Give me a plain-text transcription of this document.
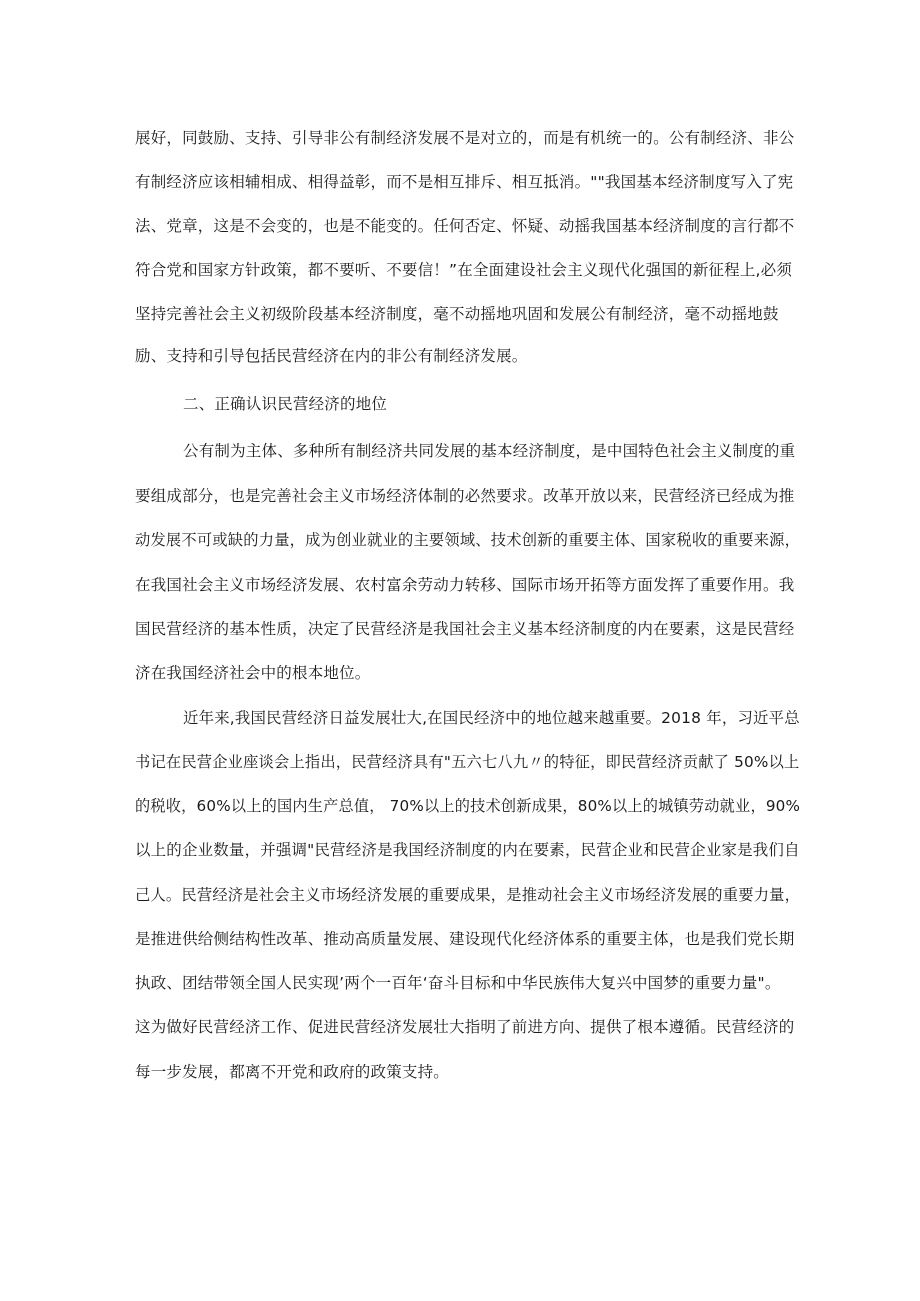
展好，同鼓励、支持、引导非公有制经济发展不是对立的，而是有机统一的。公有制经济、非公
有制经济应该相辅相成、相得益彰，而不是相互排斥、相互抵消。""我国基本经济制度写入了宪
法、党章，这是不会变的，也是不能变的。任何否定、怀疑、动摇我国基本经济制度的言行都不
符合党和国家方针政策，都不要听、不要信！”在全面建设社会主义现代化强国的新征程上,必须
坚持完善社会主义初级阶段基本经济制度，毫不动摇地巩固和发展公有制经济，毫不动摇地鼓
励、支持和引导包括民营经济在内的非公有制经济发展。
二、正确认识民营经济的地位
公有制为主体、多种所有制经济共同发展的基本经济制度，是中国特色社会主义制度的重
要组成部分，也是完善社会主义市场经济体制的必然要求。改革开放以来，民营经济已经成为推
动发展不可或缺的力量，成为创业就业的主要领域、技术创新的重要主体、国家税收的重要来源，
在我国社会主义市场经济发展、农村富余劳动力转移、国际市场开拓等方面发挥了重要作用。我
国民营经济的基本性质，决定了民营经济是我国社会主义基本经济制度的内在要素，这是民营经
济在我国经济社会中的根本地位。
近年来,我国民营经济日益发展壮大,在国民经济中的地位越来越重要。2018 年，习近平总
书记在民营企业座谈会上指出，民营经济具有"五六七八九〃的特征，即民营经济贡献了 50%以上
的税收，60%以上的国内生产总值， 70%以上的技术创新成果，80%以上的城镇劳动就业，90%
以上的企业数量，并强调"民营经济是我国经济制度的内在要素，民营企业和民营企业家是我们自
己人。民营经济是社会主义市场经济发展的重要成果，是推动社会主义市场经济发展的重要力量，
是推进供给侧结构性改革、推动高质量发展、建设现代化经济体系的重要主体，也是我们党长期
执政、团结带领全国人民实现’两个一百年‘奋斗目标和中华民族伟大复兴中国梦的重要力量"。
这为做好民营经济工作、促进民营经济发展壮大指明了前进方向、提供了根本遵循。民营经济的
每一步发展，都离不开党和政府的政策支持。
